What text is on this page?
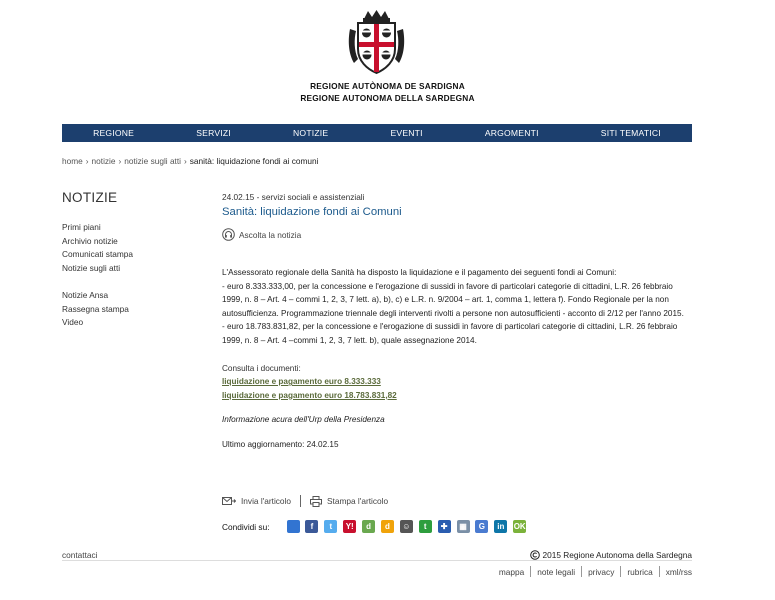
REGIONE AUTÒNOMA DE SARDIGNA
REGIONE AUTONOMA DELLA SARDEGNA
REGIONE	SERVIZI	NOTIZIE	EVENTI	ARGOMENTI	SITI TEMATICI
home › notizie › notizie sugli atti › sanità: liquidazione fondi ai comuni
NOTIZIE
Primi piani
Archivio notizie
Comunicati stampa
Notizie sugli atti
Notizie Ansa
Rassegna stampa
Video
24.02.15 - servizi sociali e assistenziali
Sanità: liquidazione fondi ai Comuni
Ascolta la notizia

L'Assessorato regionale della Sanità ha disposto la liquidazione e il pagamento dei seguenti fondi ai Comuni:

- euro 8.333.333,00, per la concessione e l'erogazione di sussidi in favore di particolari categorie di cittadini, L.R. 26 febbraio 1999, n. 8 – Art. 4 – commi 1, 2, 3, 7 lett. a), b), c) e L.R. n. 9/2004 – art. 1, comma 1, lettera f). Fondo Regionale per la non autosufficienza. Programmazione triennale degli interventi rivolti a persone non autosufficienti - acconto di 2/12 per l'anno 2015.

- euro 18.783.831,82, per la concessione e l'erogazione di sussidi in favore di particolari categorie di cittadini, L.R. 26 febbraio 1999, n. 8 – Art. 4 –commi 1, 2, 3, 7 lett. b), quale assegnazione 2014.

Consulta i documenti:
liquidazione e pagamento euro 8.333.333
liquidazione e pagamento euro 18.783.831,82
Informazione acura dell'Urp della Presidenza
Ultimo aggiornamento: 24.02.15
Invia l'articolo	Stampa l'articolo
Condividi su:	f	t	Y!	d	d	☺	t	✚	▦	G	in	OK
contattaci	2015 Regione Autonoma della Sardegna
mappa note legali privacy rubrica xml/rss
